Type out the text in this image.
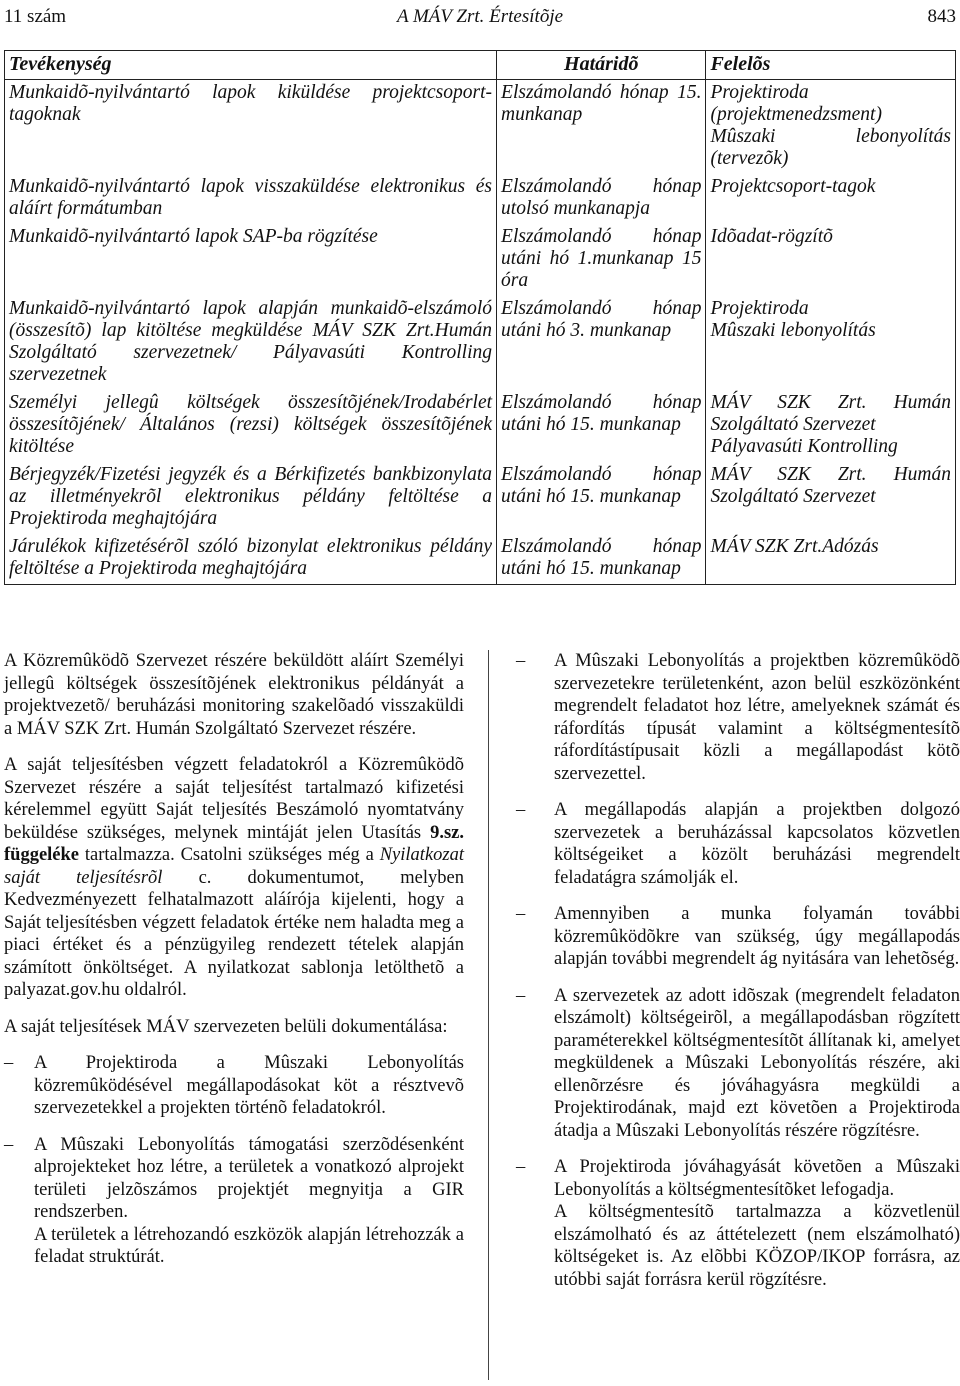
11 szám	A MÁV Zrt. Értesítõje	843
Tevékenység	Határidõ	Felelõs
Munkaidõ-nyilvántartó lapok kiküldése projektcsoport-tagoknak	Elszámolandó hónap 15. munkanap	Projektiroda (projektmenedzsment)
Mûszaki lebonyolítás (tervezõk)

Munkaidõ-nyilvántartó lapok visszaküldése elektronikus és aláírt formátumban	Elszámolandó hónap utolsó munkanapja	Projektcsoport-tagok

Munkaidõ-nyilvántartó lapok SAP-ba rögzítése	Elszámolandó hónap utáni hó 1.munkanap 15 óra	Idõadat-rögzítõ

Munkaidõ-nyilvántartó lapok alapján munkaidõ-elszámoló (összesítõ) lap kitöltése megküldése MÁV SZK Zrt.Humán Szolgáltató szervezetnek/ Pályavasúti Kontrolling szervezetnek	Elszámolandó hónap utáni hó 3. munkanap	Projektiroda
Mûszaki lebonyolítás

Személyi jellegû költségek összesítõjének/Irodabérlet összesítõjének/ Általános (rezsi) költségek összesítõjének kitöltése	Elszámolandó hónap utáni hó 15. munkanap	MÁV SZK Zrt. Humán Szolgáltató Szervezet
Pályavasúti Kontrolling

Bérjegyzék/Fizetési jegyzék és a Bérkifizetés bankbizonylata az illetményekrõl elektronikus példány feltöltése a Projektiroda meghajtójára	Elszámolandó hónap utáni hó 15. munkanap	MÁV SZK Zrt. Humán Szolgáltató Szervezet

Járulékok kifizetésérõl szóló bizonylat elektronikus példány feltöltése a Projektiroda meghajtójára	Elszámolandó hónap utáni hó 15. munkanap	MÁV SZK Zrt.Adózás

A Közremûködõ Szervezet részére beküldött aláírt Személyi jellegû költségek összesítõjének elektronikus példányát a projektvezetõ/ beruházási monitoring szakelõadó visszaküldi a MÁV SZK Zrt. Humán Szolgáltató Szervezet részére.

A saját teljesítésben végzett feladatokról a Közremûködõ Szervezet részére a saját teljesítést tartalmazó kifizetési kérelemmel együtt Saját teljesítés Beszámoló nyomtatvány beküldése szükséges, melynek mintáját jelen Utasítás 9.sz. függeléke tartalmazza. Csatolni szükséges még a Nyilatkozat saját teljesítésrõl c. dokumentumot, melyben Kedvezményezett felhatalmazott aláírója kijelenti, hogy a Saját teljesítésben végzett feladatok értéke nem haladta meg a piaci értéket és a pénzügyileg rendezett tételek alapján számított önköltséget. A nyilatkozat sablonja letölthetõ a palyazat.gov.hu oldalról.

A saját teljesítések MÁV szervezeten belüli dokumentálása:

– A Projektiroda a Mûszaki Lebonyolítás közremûködésével megállapodásokat köt a résztvevõ szervezetekkel a projekten történõ feladatokról.
– A Mûszaki Lebonyolítás támogatási szerzõdésenként alprojekteket hoz létre, a területek a vonatkozó alprojekt területi jelzõszámos projektjét megnyitja a GIR rendszerben.
A területek a létrehozandó eszközök alapján létrehozzák a feladat struktúrát.
– A Mûszaki Lebonyolítás a projektben közremûködõ szervezetekre területenként, azon belül eszközönként megrendelt feladatot hoz létre, amelyeknek számát és ráfordítás típusát valamint a költségmentesítõ ráfordítástípusait közli a megállapodást kötõ szervezettel.
– A megállapodás alapján a projektben dolgozó szervezetek a beruházással kapcsolatos közvetlen költségeiket a közölt beruházási megrendelt feladatágra számolják el.
– Amennyiben a munka folyamán további közremûködõkre van szükség, úgy megállapodás alapján további megrendelt ág nyitására van lehetõség.
– A szervezetek az adott idõszak (megrendelt feladaton elszámolt) költségeirõl, a megállapodásban rögzített paraméterekkel költségmentesítõt állítanak ki, amelyet megküldenek a Mûszaki Lebonyolítás részére, aki ellenõrzésre és jóváhagyásra megküldi a Projektirodának, majd ezt követõen a Projektiroda átadja a Mûszaki Lebonyolítás részére rögzítésre.
– A Projektiroda jóváhagyását követõen a Mûszaki Lebonyolítás a költségmentesítõket lefogadja.
A költségmentesítõ tartalmazza a közvetlenül elszámolható és az áttételezett (nem elszámolható) költségeket is. Az elõbbi KÖZOP/IKOP forrásra, az utóbbi saját forrásra kerül rögzítésre.
